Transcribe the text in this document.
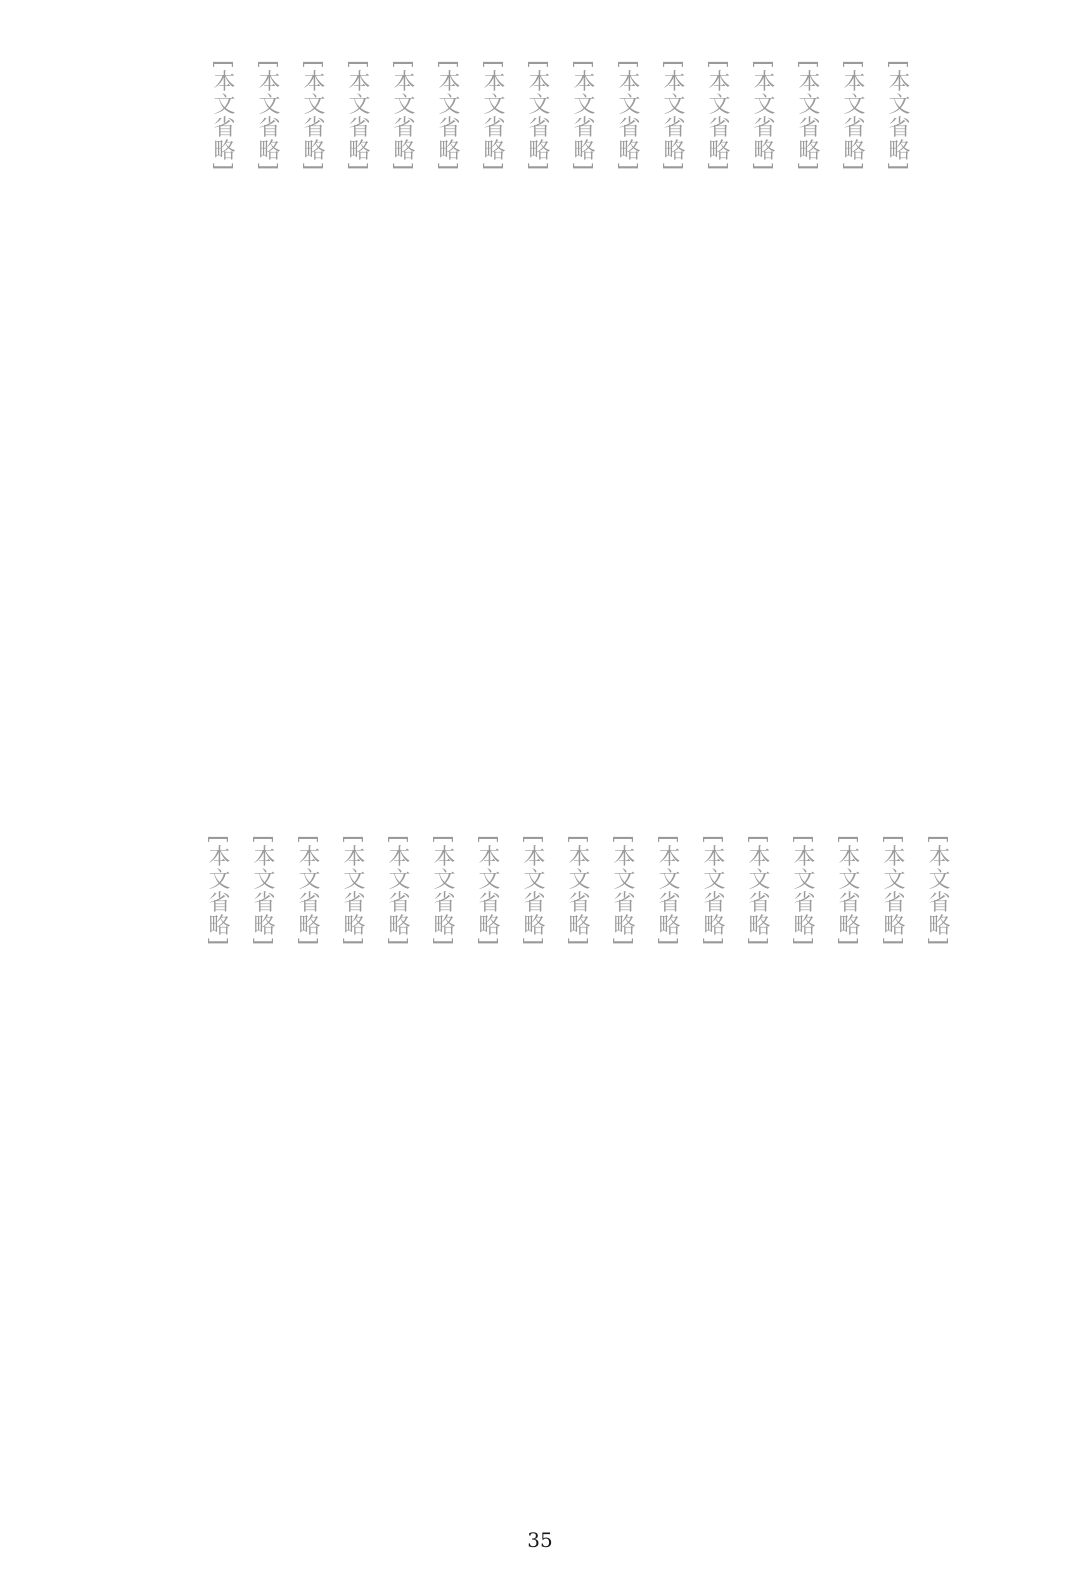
[本文省略]
[本文省略]
[本文省略]
[本文省略]
[本文省略]
[本文省略]
[本文省略]
[本文省略]
[本文省略]
[本文省略]
[本文省略]
[本文省略]
[本文省略]
[本文省略]
[本文省略]
[本文省略]
[本文省略]
[本文省略]
[本文省略]
[本文省略]
[本文省略]
[本文省略]
[本文省略]
[本文省略]
[本文省略]
[本文省略]
[本文省略]
[本文省略]
[本文省略]
[本文省略]
[本文省略]
[本文省略]
[本文省略]
35
